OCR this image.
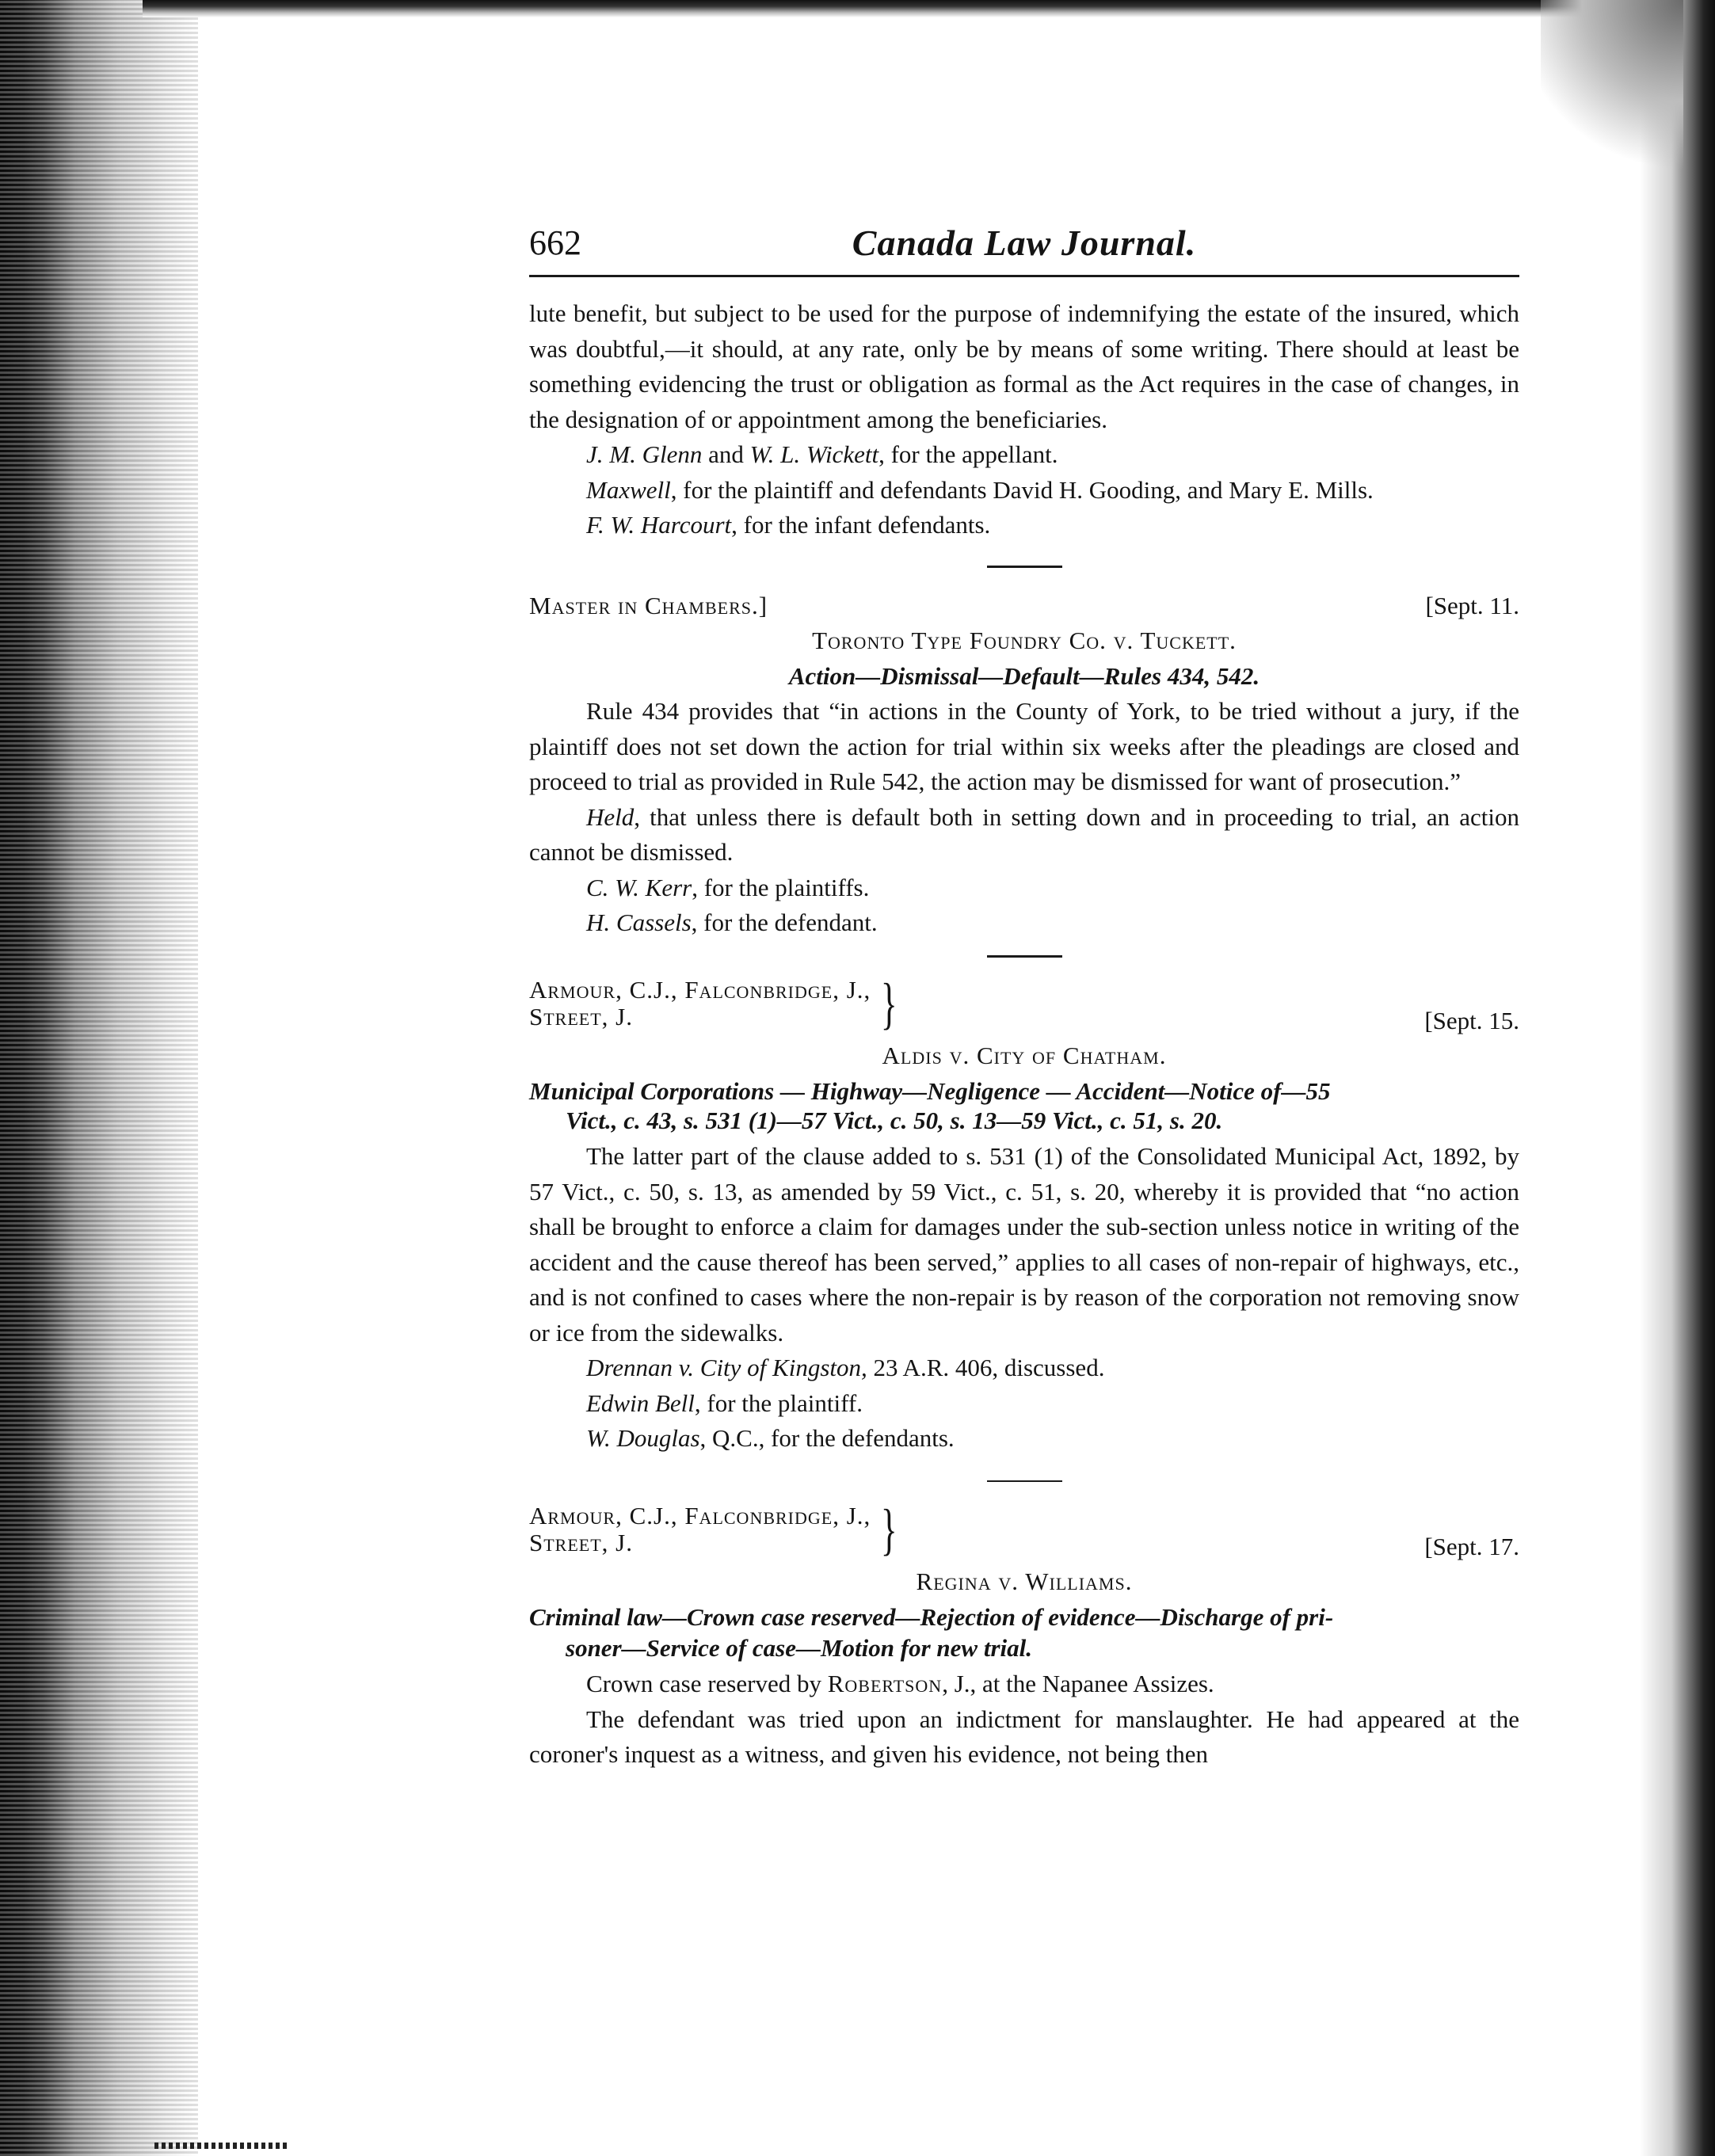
662	Canada Law Journal.

lute benefit, but subject to be used for the purpose of indemnifying the estate of the insured, which was doubtful,—it should, at any rate, only be by means of some writing. There should at least be something evidencing the trust or obligation as formal as the Act requires in the case of changes, in the designation of or appointment among the beneficiaries.

J. M. Glenn and W. L. Wickett, for the appellant.

Maxwell, for the plaintiff and defendants David H. Gooding, and Mary E. Mills.

F. W. Harcourt, for the infant defendants.

Master in Chambers.]	[Sept. 11.

Toronto Type Foundry Co. v. Tuckett.

Action—Dismissal—Default—Rules 434, 542.

Rule 434 provides that “in actions in the County of York, to be tried without a jury, if the plaintiff does not set down the action for trial within six weeks after the pleadings are closed and proceed to trial as provided in Rule 542, the action may be dismissed for want of prosecution.”

Held, that unless there is default both in setting down and in proceeding to trial, an action cannot be dismissed.

C. W. Kerr, for the plaintiffs.

H. Cassels, for the defendant.

Armour, C.J., Falconbridge, J.,
Street, J.	}	[Sept. 15.

Aldis v. City of Chatham.

Municipal Corporations — Highway—Negligence — Accident—Notice of—55

Vict., c. 43, s. 531 (1)—57 Vict., c. 50, s. 13—59 Vict., c. 51, s. 20.

The latter part of the clause added to s. 531 (1) of the Consolidated Municipal Act, 1892, by 57 Vict., c. 50, s. 13, as amended by 59 Vict., c. 51, s. 20, whereby it is provided that “no action shall be brought to enforce a claim for damages under the sub-section unless notice in writing of the accident and the cause thereof has been served,” applies to all cases of non-repair of highways, etc., and is not confined to cases where the non-repair is by reason of the corporation not removing snow or ice from the sidewalks.

Drennan v. City of Kingston, 23 A.R. 406, discussed.

Edwin Bell, for the plaintiff.

W. Douglas, Q.C., for the defendants.

Armour, C.J., Falconbridge, J.,
Street, J.	}	[Sept. 17.

Regina v. Williams.

Criminal law—Crown case reserved—Rejection of evidence—Discharge of pri-

soner—Service of case—Motion for new trial.

Crown case reserved by Robertson, J., at the Napanee Assizes.

The defendant was tried upon an indictment for manslaughter. He had appeared at the coroner's inquest as a witness, and given his evidence, not being then
